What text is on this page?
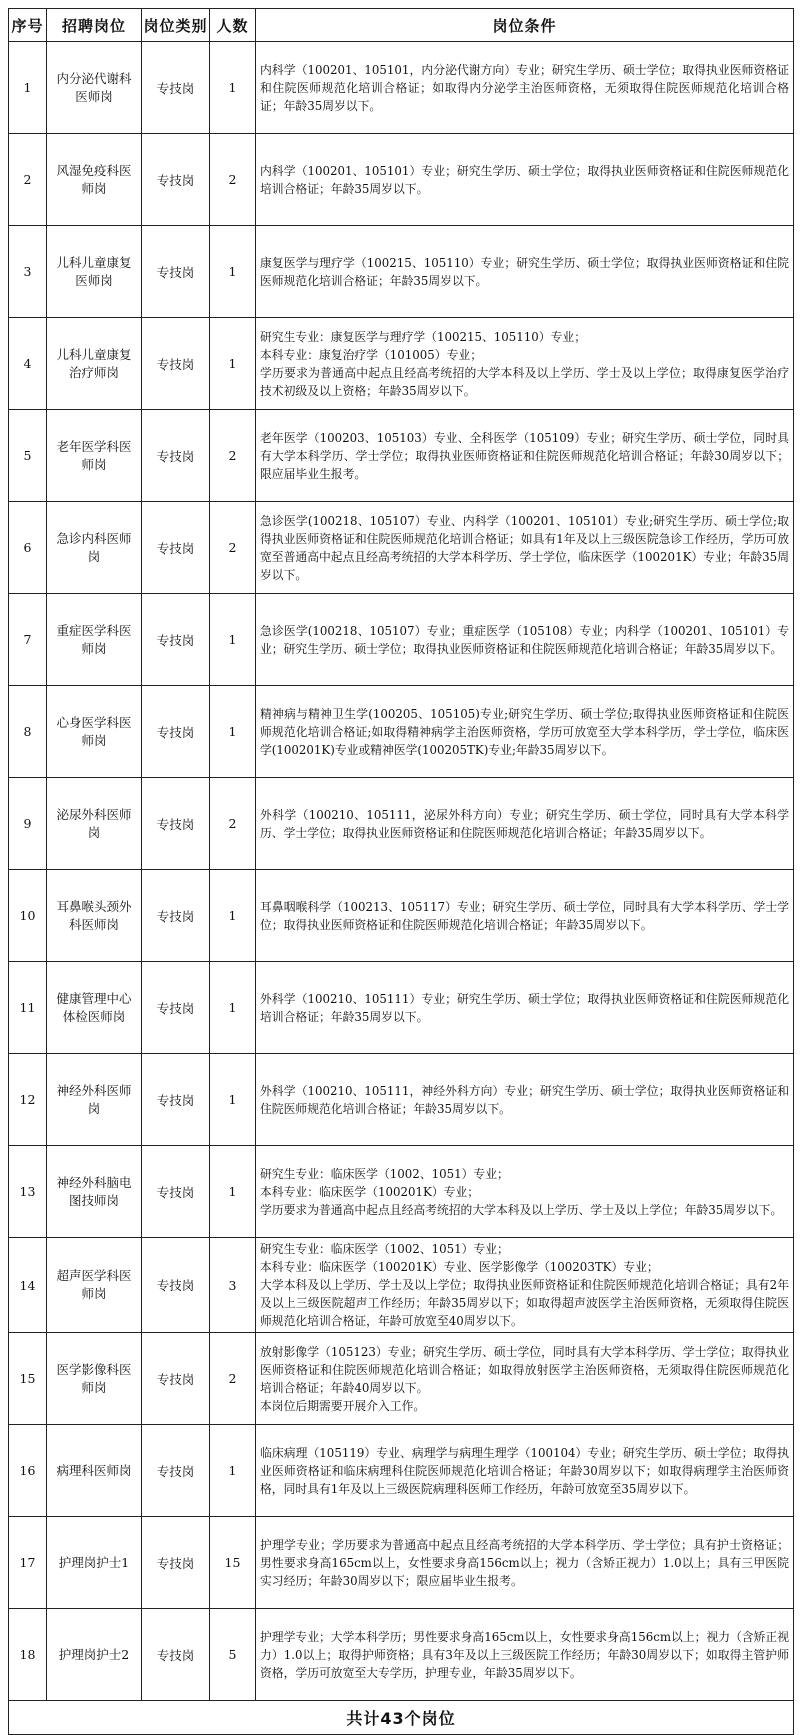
序号	招聘岗位	岗位类别	人数	岗位条件
1	内分泌代谢科医师岗	专技岗	1	内科学（100201、105101，内分泌代谢方向）专业；研究生学历、硕士学位；取得执业医师资格证和住院医师规范化培训合格证；如取得内分泌学主治医师资格，无须取得住院医师规范化培训合格证；年龄35周岁以下。

2	风湿免疫科医师岗	专技岗	2	内科学（100201、105101）专业；研究生学历、硕士学位；取得执业医师资格证和住院医师规范化培训合格证；年龄35周岁以下。

3	儿科儿童康复医师岗	专技岗	1	康复医学与理疗学（100215、105110）专业；研究生学历、硕士学位；取得执业医师资格证和住院医师规范化培训合格证；年龄35周岁以下。

4	儿科儿童康复治疗师岗	专技岗	1	研究生专业：康复医学与理疗学（100215、105110）专业；
本科专业：康复治疗学（101005）专业；
学历要求为普通高中起点且经高考统招的大学本科及以上学历、学士及以上学位；取得康复医学治疗技术初级及以上资格；年龄35周岁以下。

5	老年医学科医师岗	专技岗	2	老年医学（100203、105103）专业、全科医学（105109）专业；研究生学历、硕士学位，同时具有大学本科学历、学士学位；取得执业医师资格证和住院医师规范化培训合格证；年龄30周岁以下；限应届毕业生报考。

6	急诊内科医师岗	专技岗	2	急诊医学(100218、105107）专业、内科学（100201、105101）专业;研究生学历、硕士学位;取得执业医师资格证和住院医师规范化培训合格证；如具有1年及以上三级医院急诊工作经历，学历可放宽至普通高中起点且经高考统招的大学本科学历、学士学位，临床医学（100201K）专业；年龄35周岁以下。

7	重症医学科医师岗	专技岗	1	急诊医学(100218、105107）专业；重症医学（105108）专业；内科学（100201、105101）专业；研究生学历、硕士学位；取得执业医师资格证和住院医师规范化培训合格证；年龄35周岁以下。

8	心身医学科医师岗	专技岗	1	精神病与精神卫生学(100205、105105)专业;研究生学历、硕士学位;取得执业医师资格证和住院医师规范化培训合格证;如取得精神病学主治医师资格，学历可放宽至大学本科学历，学士学位，临床医学(100201K)专业或精神医学(100205TK)专业;年龄35周岁以下。

9	泌尿外科医师岗	专技岗	2	外科学（100210、105111，泌尿外科方向）专业；研究生学历、硕士学位，同时具有大学本科学历、学士学位；取得执业医师资格证和住院医师规范化培训合格证；年龄35周岁以下。

10	耳鼻喉头颈外科医师岗	专技岗	1	耳鼻咽喉科学（100213、105117）专业；研究生学历、硕士学位，同时具有大学本科学历、学士学位；取得执业医师资格证和住院医师规范化培训合格证；年龄35周岁以下。

11	健康管理中心体检医师岗	专技岗	1	外科学（100210、105111）专业；研究生学历、硕士学位；取得执业医师资格证和住院医师规范化培训合格证；年龄35周岁以下。

12	神经外科医师岗	专技岗	1	外科学（100210、105111，神经外科方向）专业；研究生学历、硕士学位；取得执业医师资格证和住院医师规范化培训合格证；年龄35周岁以下。

13	神经外科脑电图技师岗	专技岗	1	研究生专业：临床医学（1002、1051）专业；
本科专业：临床医学（100201K）专业；
学历要求为普通高中起点且经高考统招的大学本科及以上学历、学士及以上学位；年龄35周岁以下。

14	超声医学科医师岗	专技岗	3	研究生专业：临床医学（1002、1051）专业；
本科专业：临床医学（100201K）专业、医学影像学（100203TK）专业；
大学本科及以上学历、学士及以上学位；取得执业医师资格证和住院医师规范化培训合格证；具有2年及以上三级医院超声工作经历；年龄35周岁以下；如取得超声波医学主治医师资格，无须取得住院医师规范化培训合格证，年龄可放宽至40周岁以下。

15	医学影像科医师岗	专技岗	2	放射影像学（105123）专业；研究生学历、硕士学位，同时具有大学本科学历、学士学位；取得执业医师资格证和住院医师规范化培训合格证；如取得放射医学主治医师资格，无须取得住院医师规范化培训合格证；年龄40周岁以下。
本岗位后期需要开展介入工作。

16	病理科医师岗	专技岗	1	临床病理（105119）专业、病理学与病理生理学（100104）专业；研究生学历、硕士学位；取得执业医师资格证和临床病理科住院医师规范化培训合格证；年龄30周岁以下；如取得病理学主治医师资格，同时具有1年及以上三级医院病理科医师工作经历，年龄可放宽至35周岁以下。

17	护理岗护士1	专技岗	15	护理学专业；学历要求为普通高中起点且经高考统招的大学本科学历、学士学位；具有护士资格证；男性要求身高165cm以上，女性要求身高156cm以上；视力（含矫正视力）1.0以上；具有三甲医院实习经历；年龄30周岁以下；限应届毕业生报考。

18	护理岗护士2	专技岗	5	护理学专业；大学本科学历；男性要求身高165cm以上，女性要求身高156cm以上；视力（含矫正视力）1.0以上；取得护师资格；具有3年及以上三级医院工作经历；年龄30周岁以下；如取得主管护师资格，学历可放宽至大专学历，护理专业，年龄35周岁以下。

共计43个岗位				
